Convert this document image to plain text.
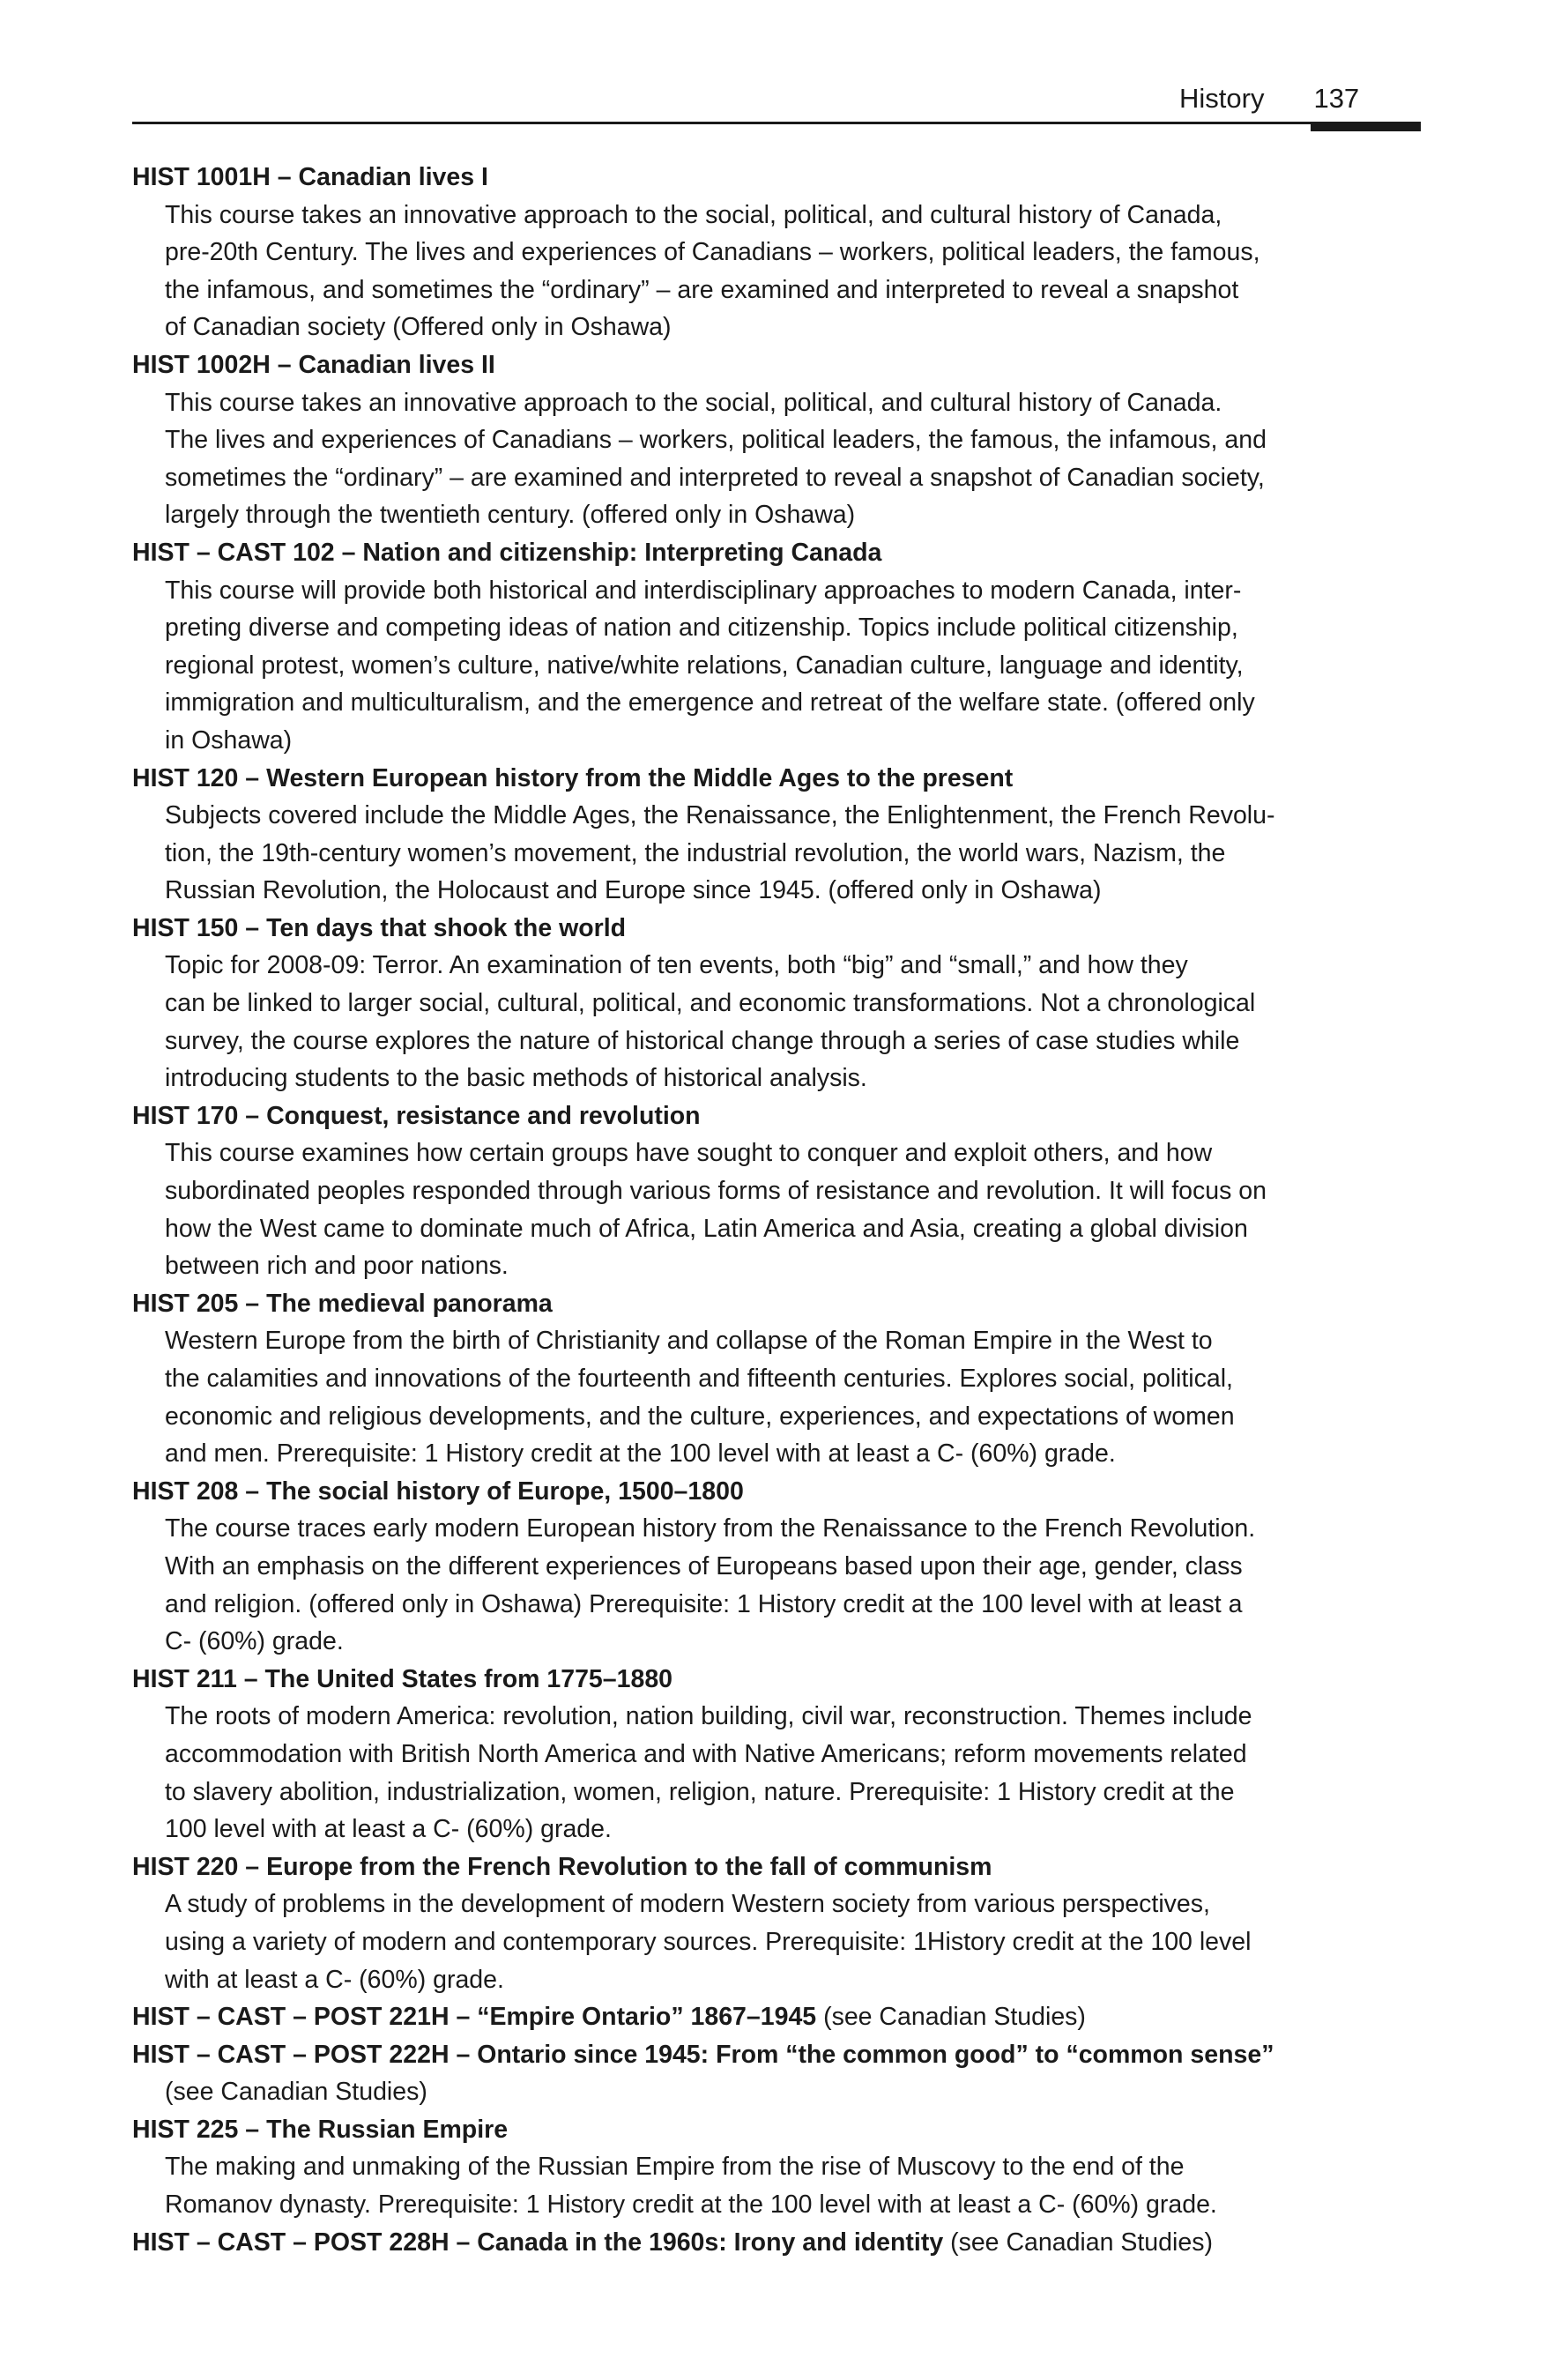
History 137
HIST 1001H – Canadian lives I
This course takes an innovative approach to the social, political, and cultural history of Canada,
pre-20th Century. The lives and experiences of Canadians – workers, political leaders, the famous,
the infamous, and sometimes the “ordinary” – are examined and interpreted to reveal a snapshot
of Canadian society (Offered only in Oshawa)
HIST 1002H – Canadian lives II
This course takes an innovative approach to the social, political, and cultural history of Canada.
The lives and experiences of Canadians – workers, political leaders, the famous, the infamous, and
sometimes the “ordinary” – are examined and interpreted to reveal a snapshot of Canadian society,
largely through the twentieth century. (offered only in Oshawa)
HIST – CAST 102 – Nation and citizenship: Interpreting Canada
This course will provide both historical and interdisciplinary approaches to modern Canada, inter-
preting diverse and competing ideas of nation and citizenship. Topics include political citizenship,
regional protest, women’s culture, native/white relations, Canadian culture, language and identity,
immigration and multiculturalism, and the emergence and retreat of the welfare state. (offered only
in Oshawa)
HIST 120 – Western European history from the Middle Ages to the present
Subjects covered include the Middle Ages, the Renaissance, the Enlightenment, the French Revolu-
tion, the 19th-century women’s movement, the industrial revolution, the world wars, Nazism, the
Russian Revolution, the Holocaust and Europe since 1945. (offered only in Oshawa)
HIST 150 – Ten days that shook the world
Topic for 2008-09: Terror. An examination of ten events, both “big” and “small,” and how they
can be linked to larger social, cultural, political, and economic transformations. Not a chronological
survey, the course explores the nature of historical change through a series of case studies while
introducing students to the basic methods of historical analysis.
HIST 170 – Conquest, resistance and revolution
This course examines how certain groups have sought to conquer and exploit others, and how
subordinated peoples responded through various forms of resistance and revolution. It will focus on
how the West came to dominate much of Africa, Latin America and Asia, creating a global division
between rich and poor nations.
HIST 205 – The medieval panorama
Western Europe from the birth of Christianity and collapse of the Roman Empire in the West to
the calamities and innovations of the fourteenth and fifteenth centuries. Explores social, political,
economic and religious developments, and the culture, experiences, and expectations of women
and men. Prerequisite: 1 History credit at the 100 level with at least a C- (60%) grade.
HIST 208 – The social history of Europe, 1500–1800
The course traces early modern European history from the Renaissance to the French Revolution.
With an emphasis on the different experiences of Europeans based upon their age, gender, class
and religion. (offered only in Oshawa) Prerequisite: 1 History credit at the 100 level with at least a
C- (60%) grade.
HIST 211 – The United States from 1775–1880
The roots of modern America: revolution, nation building, civil war, reconstruction. Themes include
accommodation with British North America and with Native Americans; reform movements related
to slavery abolition, industrialization, women, religion, nature. Prerequisite: 1 History credit at the
100 level with at least a C- (60%) grade.
HIST 220 – Europe from the French Revolution to the fall of communism
A study of problems in the development of modern Western society from various perspectives,
using a variety of modern and contemporary sources. Prerequisite: 1History credit at the 100 level
with at least a C- (60%) grade.
HIST – CAST – POST 221H – “Empire Ontario” 1867–1945 (see Canadian Studies)
HIST – CAST – POST 222H – Ontario since 1945: From “the common good” to “common sense”
(see Canadian Studies)
HIST 225 – The Russian Empire
The making and unmaking of the Russian Empire from the rise of Muscovy to the end of the
Romanov dynasty. Prerequisite: 1 History credit at the 100 level with at least a C- (60%) grade.
HIST – CAST – POST 228H – Canada in the 1960s: Irony and identity (see Canadian Studies)
